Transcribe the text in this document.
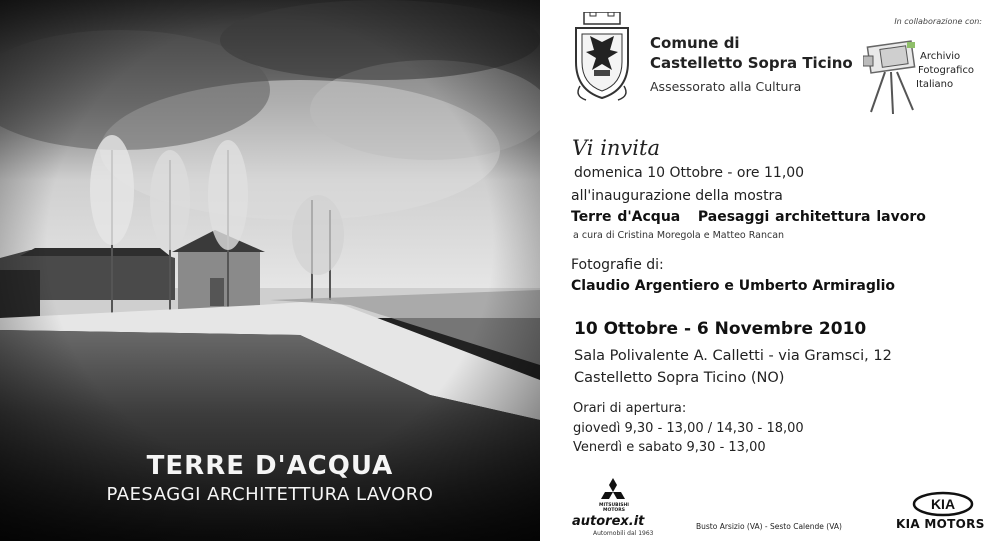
TERRE D'ACQUA
PAESAGGI ARCHITETTURA LAVORO
Comune di
Castelletto Sopra Ticino
Assessorato alla Cultura
In collaborazione con:
Archivio
Fotografico
Italiano
Vi invita
domenica 10 Ottobre - ore 11,00
all'inaugurazione della mostra
Terre d'Acqua   Paesaggi architettura lavoro
a cura di Cristina Moregola e Matteo Rancan
Fotografie di:
Claudio Argentiero e Umberto Armiraglio
10 Ottobre - 6 Novembre 2010
Sala Polivalente A. Calletti - via Gramsci, 12
Castelletto Sopra Ticino (NO)
Orari di apertura:
giovedì 9,30 - 13,00 / 14,30 - 18,00
Venerdì e sabato 9,30 - 13,00
MITSUBISHI
MOTORS
autorex.it
Automobili dal 1963
Busto Arsizio (VA) - Sesto Calende (VA)
KIA
KIA MOTORS
